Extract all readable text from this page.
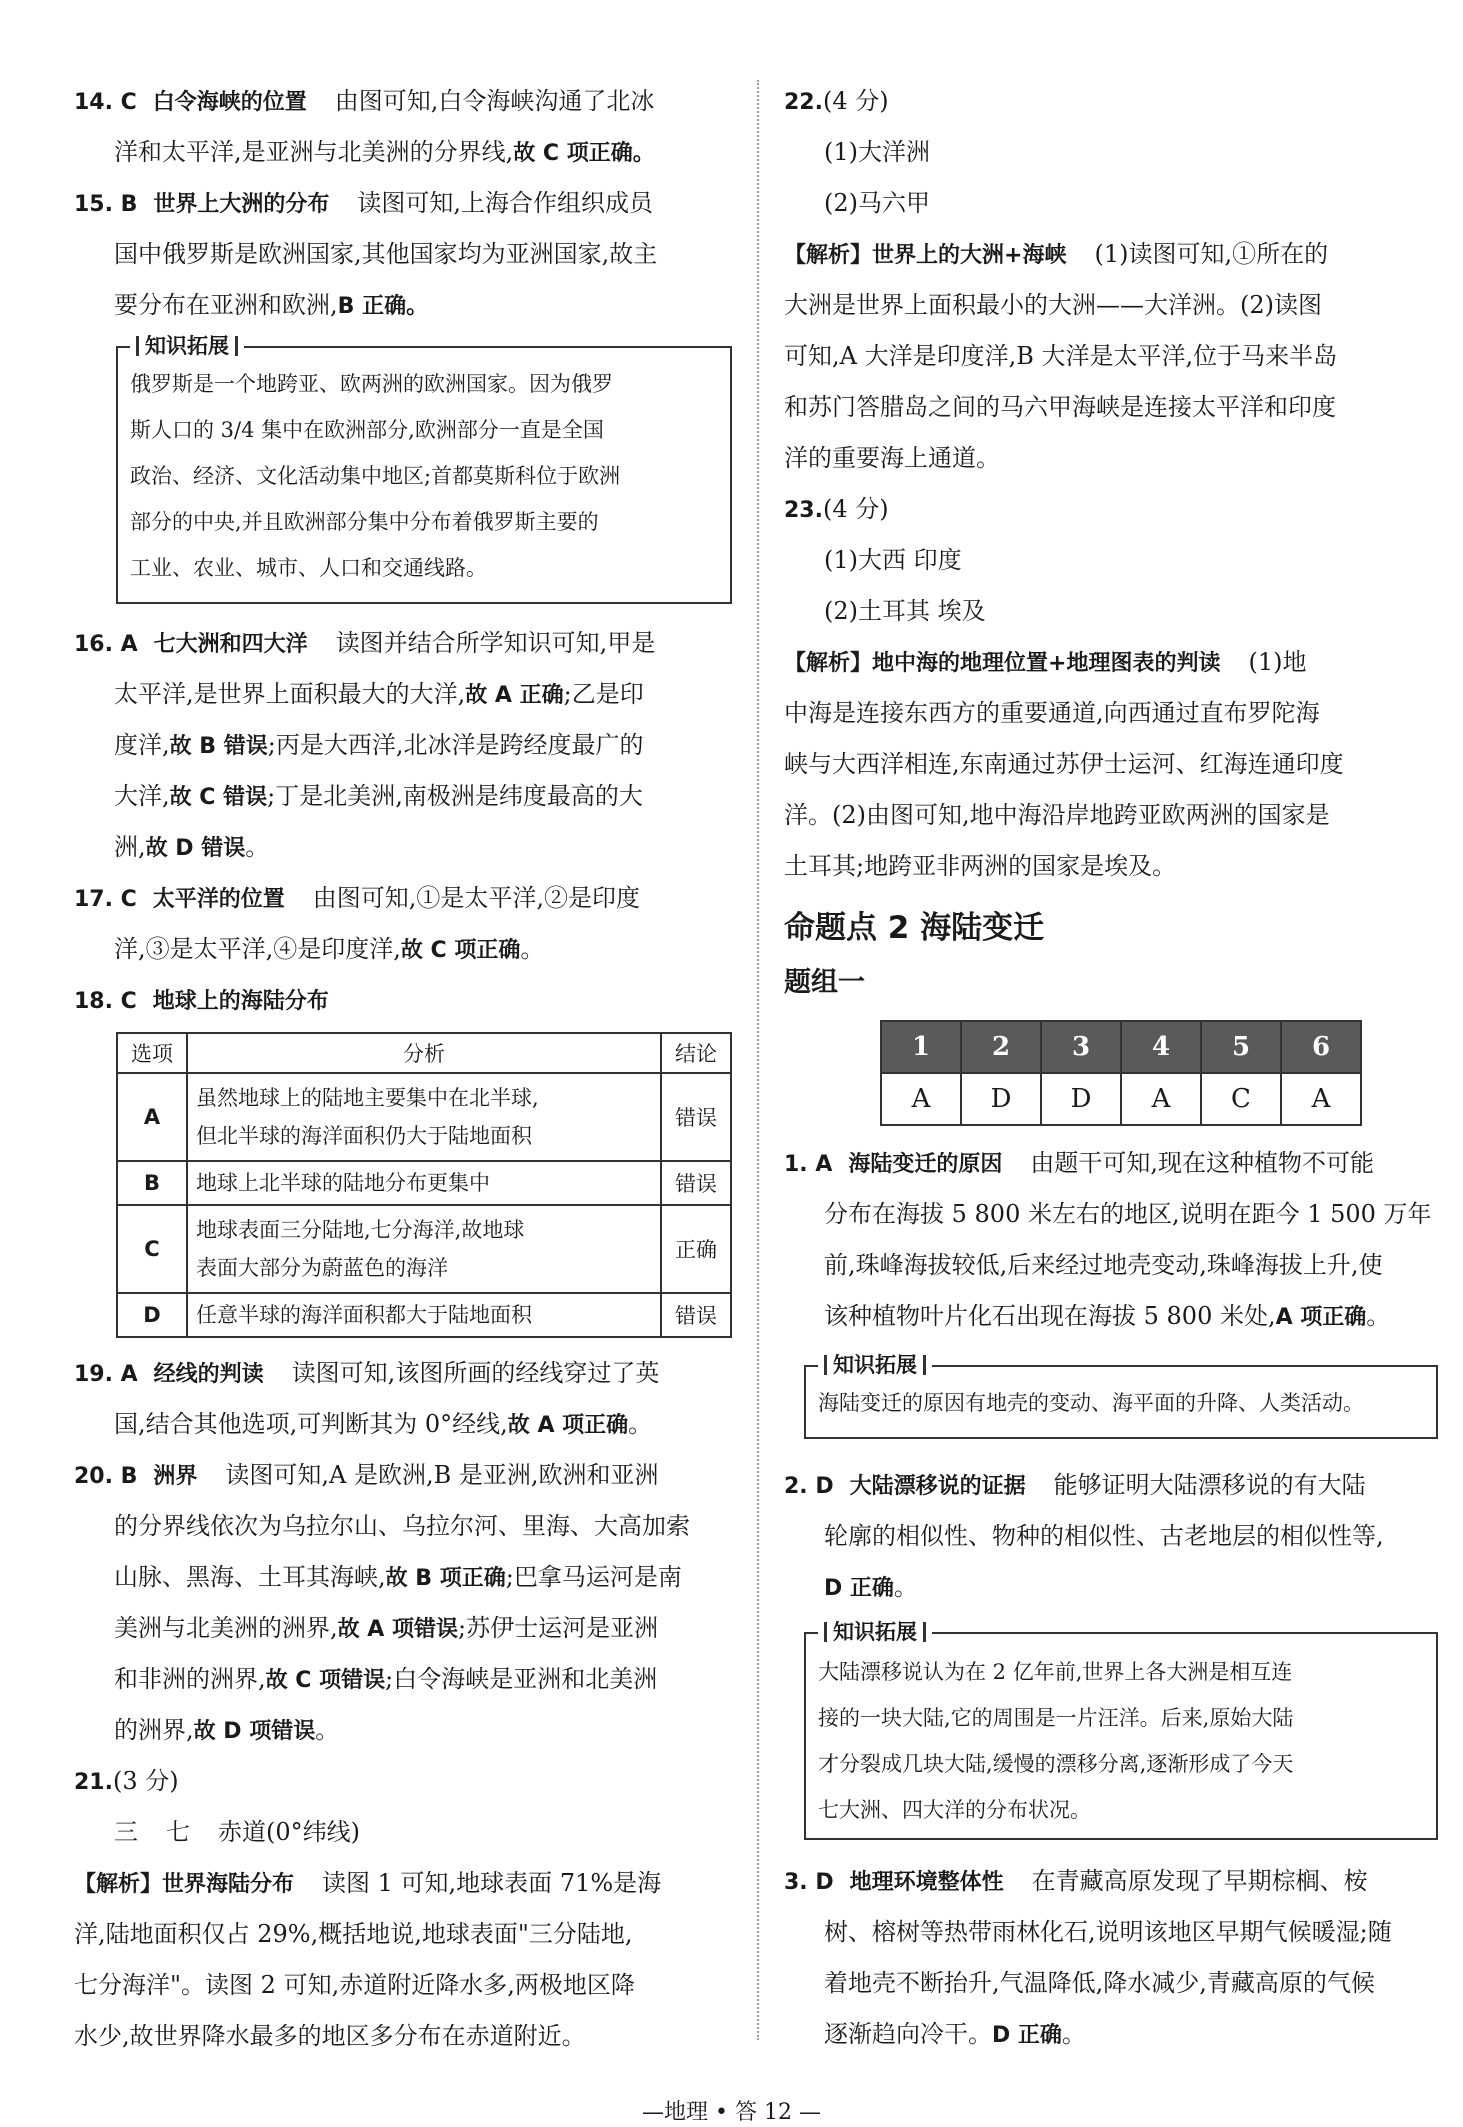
14. C 白令海峡的位置 由图可知,白令海峡沟通了北冰
洋和太平洋,是亚洲与北美洲的分界线,故 C 项正确。
15. B 世界上大洲的分布 读图可知,上海合作组织成员
国中俄罗斯是欧洲国家,其他国家均为亚洲国家,故主
要分布在亚洲和欧洲,B 正确。
知识拓展
俄罗斯是一个地跨亚、欧两洲的欧洲国家。因为俄罗
斯人口的 3/4 集中在欧洲部分,欧洲部分一直是全国
政治、经济、文化活动集中地区;首都莫斯科位于欧洲
部分的中央,并且欧洲部分集中分布着俄罗斯主要的
工业、农业、城市、人口和交通线路。
16. A 七大洲和四大洋 读图并结合所学知识可知,甲是
太平洋,是世界上面积最大的大洋,故 A 正确;乙是印
度洋,故 B 错误;丙是大西洋,北冰洋是跨经度最广的
大洋,故 C 错误;丁是北美洲,南极洲是纬度最高的大
洲,故 D 错误。
17. C 太平洋的位置 由图可知,①是太平洋,②是印度
洋,③是太平洋,④是印度洋,故 C 项正确。
18. C 地球上的海陆分布
选项	分析	结论
A	虽然地球上的陆地主要集中在北半球,
但北半球的海洋面积仍大于陆地面积	错误
B	地球上北半球的陆地分布更集中	错误
C	地球表面三分陆地,七分海洋,故地球
表面大部分为蔚蓝色的海洋	正确
D	任意半球的海洋面积都大于陆地面积	错误
19. A 经线的判读 读图可知,该图所画的经线穿过了英
国,结合其他选项,可判断其为 0°经线,故 A 项正确。
20. B 洲界 读图可知,A 是欧洲,B 是亚洲,欧洲和亚洲
的分界线依次为乌拉尔山、乌拉尔河、里海、大高加索
山脉、黑海、土耳其海峡,故 B 项正确;巴拿马运河是南
美洲与北美洲的洲界,故 A 项错误;苏伊士运河是亚洲
和非洲的洲界,故 C 项错误;白令海峡是亚洲和北美洲
的洲界,故 D 项错误。
21.(3 分)
三 七 赤道(0°纬线)
【解析】世界海陆分布 读图 1 可知,地球表面 71%是海
洋,陆地面积仅占 29%,概括地说,地球表面"三分陆地,
七分海洋"。读图 2 可知,赤道附近降水多,两极地区降
水少,故世界降水最多的地区多分布在赤道附近。
22.(4 分)
(1)大洋洲
(2)马六甲
【解析】世界上的大洲+海峡 (1)读图可知,①所在的
大洲是世界上面积最小的大洲——大洋洲。(2)读图
可知,A 大洋是印度洋,B 大洋是太平洋,位于马来半岛
和苏门答腊岛之间的马六甲海峡是连接太平洋和印度
洋的重要海上通道。
23.(4 分)
(1)大西 印度
(2)土耳其 埃及
【解析】地中海的地理位置+地理图表的判读 (1)地
中海是连接东西方的重要通道,向西通过直布罗陀海
峡与大西洋相连,东南通过苏伊士运河、红海连通印度
洋。(2)由图可知,地中海沿岸地跨亚欧两洲的国家是
土耳其;地跨亚非两洲的国家是埃及。
命题点 2 海陆变迁
题组一
1	2	3	4	5	6
A	D	D	A	C	A
1. A 海陆变迁的原因 由题干可知,现在这种植物不可能
分布在海拔 5 800 米左右的地区,说明在距今 1 500 万年
前,珠峰海拔较低,后来经过地壳变动,珠峰海拔上升,使
该种植物叶片化石出现在海拔 5 800 米处,A 项正确。
知识拓展
海陆变迁的原因有地壳的变动、海平面的升降、人类活动。
2. D 大陆漂移说的证据 能够证明大陆漂移说的有大陆
轮廓的相似性、物种的相似性、古老地层的相似性等,
D 正确。
知识拓展
大陆漂移说认为在 2 亿年前,世界上各大洲是相互连
接的一块大陆,它的周围是一片汪洋。后来,原始大陆
才分裂成几块大陆,缓慢的漂移分离,逐渐形成了今天
七大洲、四大洋的分布状况。
3. D 地理环境整体性 在青藏高原发现了早期棕榈、桉
树、榕树等热带雨林化石,说明该地区早期气候暖湿;随
着地壳不断抬升,气温降低,降水减少,青藏高原的气候
逐渐趋向冷干。D 正确。
—地理 • 答 12 —
